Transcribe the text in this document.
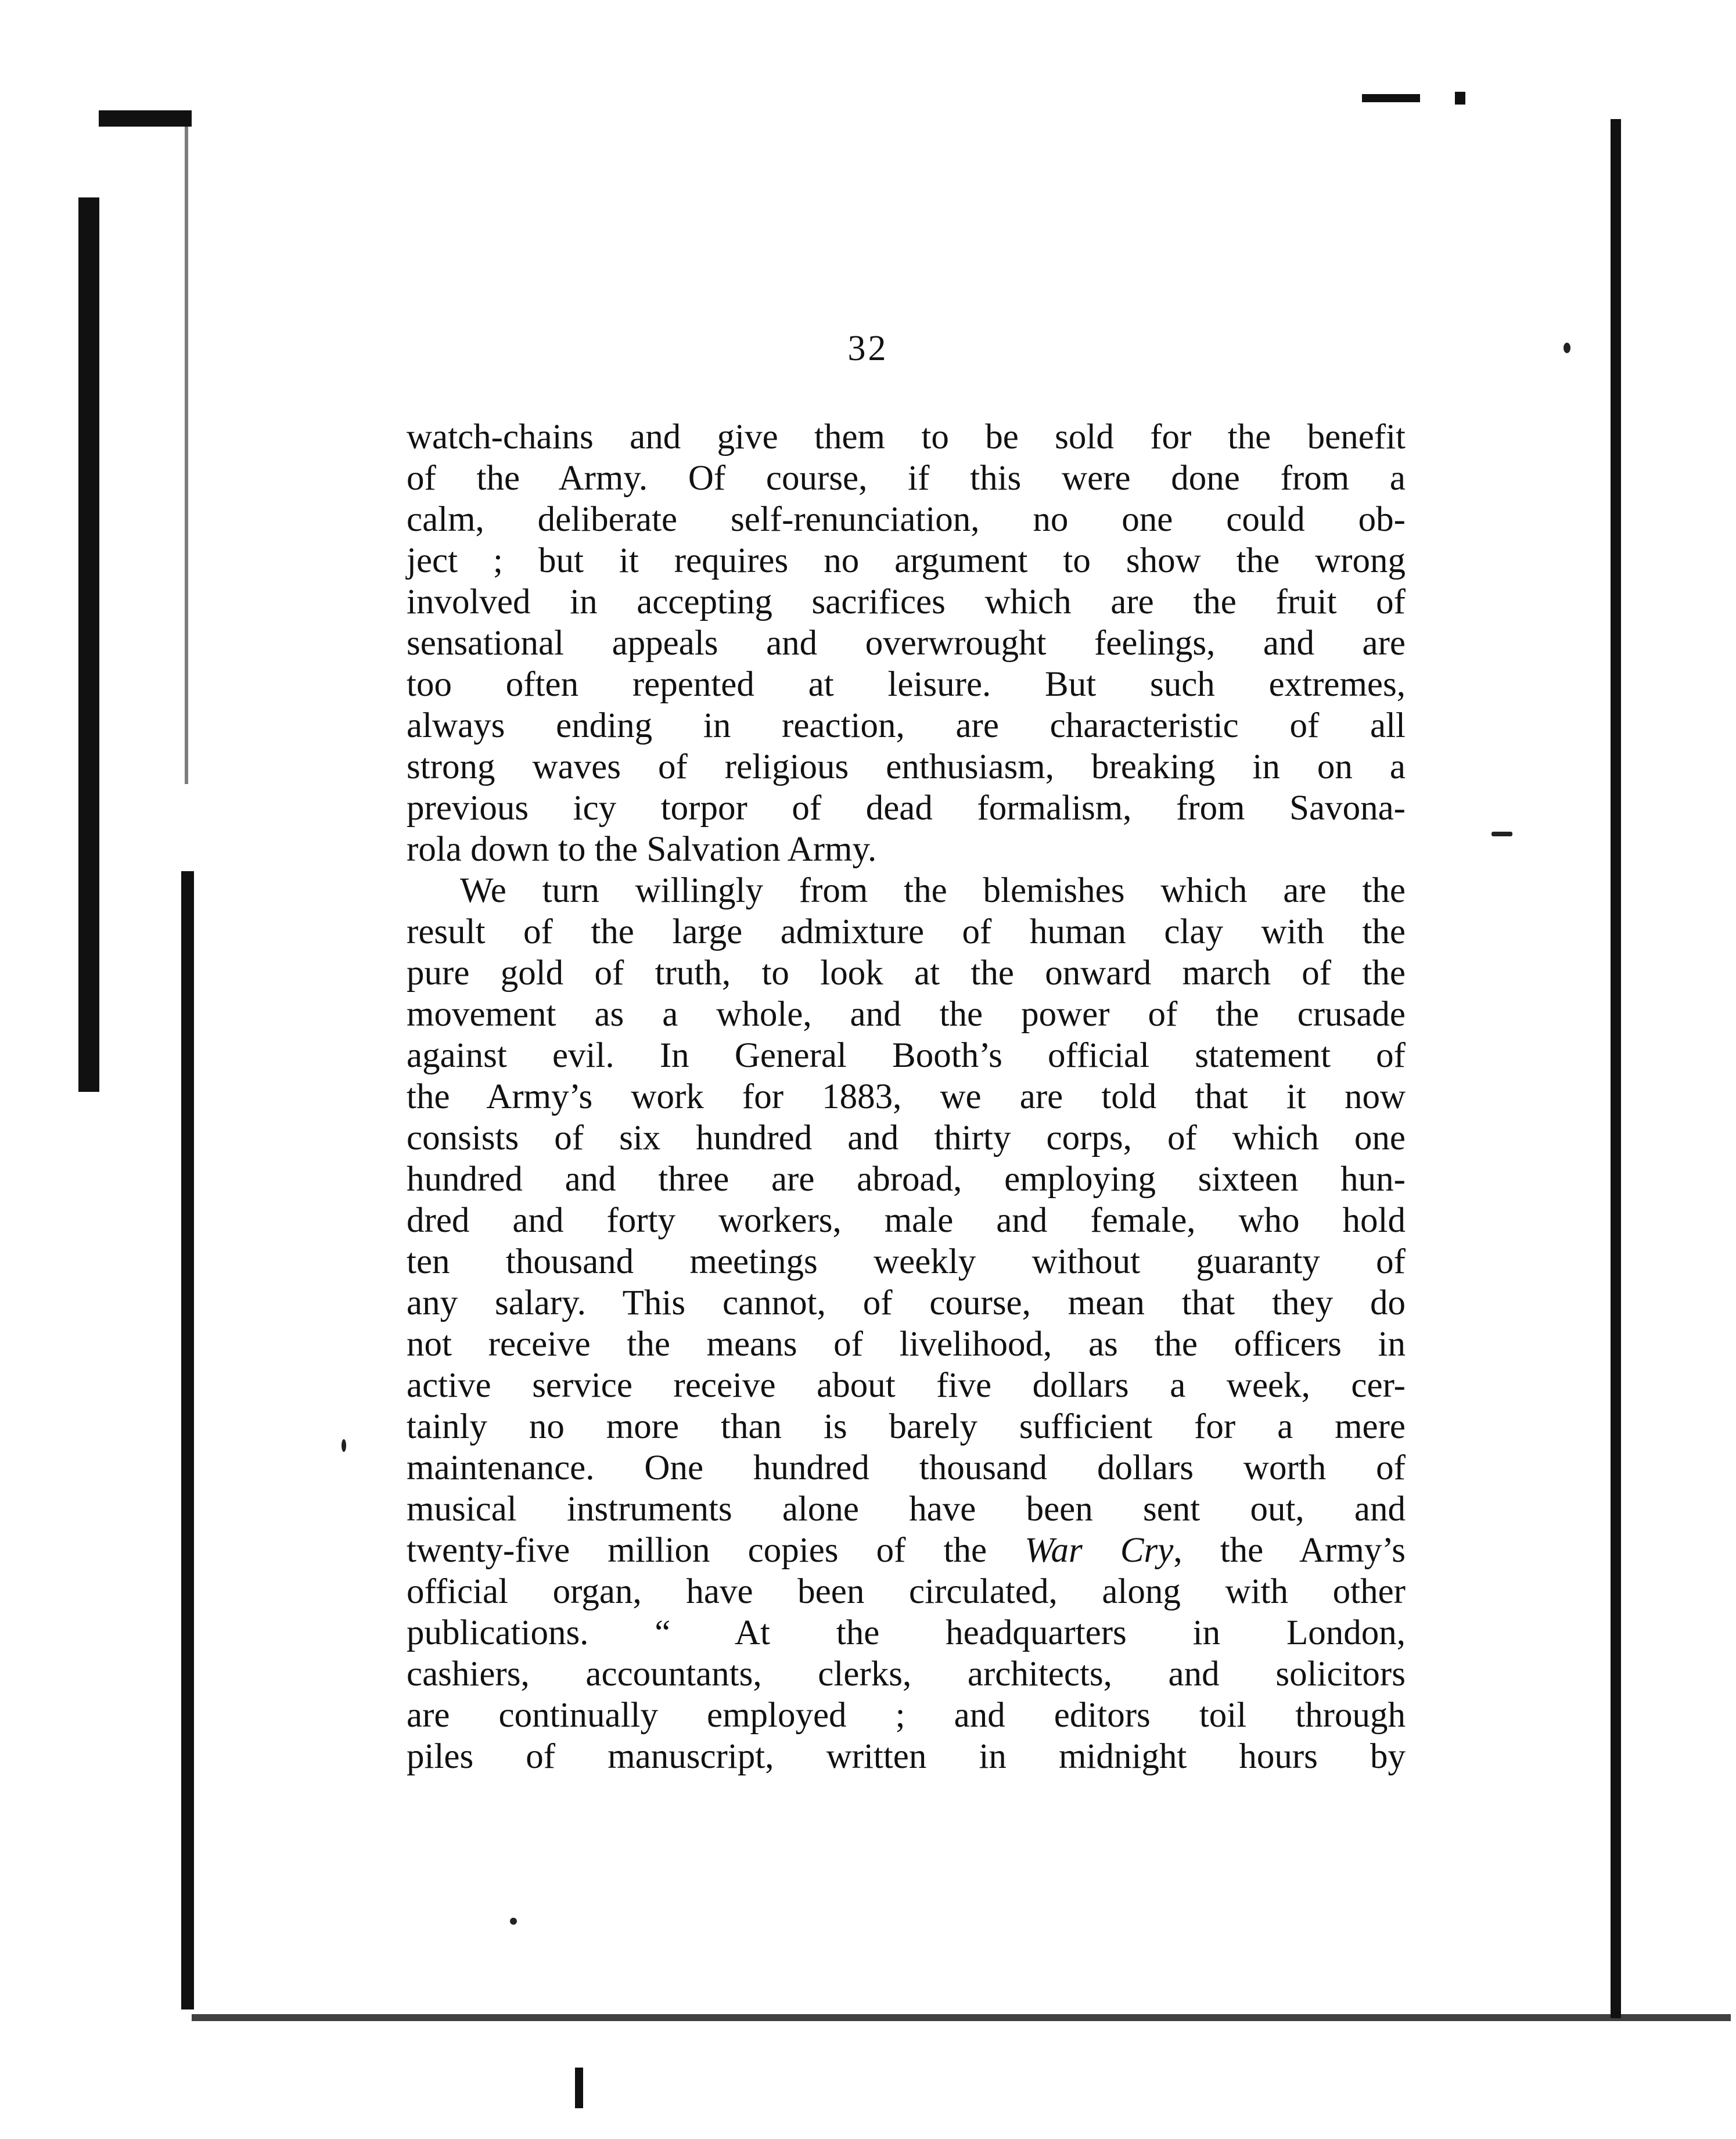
32
watch-chains and give them to be sold for the benefit
of the Army. Of course, if this were done from a
calm, deliberate self-renunciation, no one could ob-
ject ; but it requires no argument to show the wrong
involved in accepting sacrifices which are the fruit of
sensational appeals and overwrought feelings, and are
too often repented at leisure. But such extremes,
always ending in reaction, are characteristic of all
strong waves of religious enthusiasm, breaking in on a
previous icy torpor of dead formalism, from Savona-
rola down to the Salvation Army.
We turn willingly from the blemishes which are the
result of the large admixture of human clay with the
pure gold of truth, to look at the onward march of the
movement as a whole, and the power of the crusade
against evil. In General Booth’s official statement of
the Army’s work for 1883, we are told that it now
consists of six hundred and thirty corps, of which one
hundred and three are abroad, employing sixteen hun-
dred and forty workers, male and female, who hold
ten thousand meetings weekly without guaranty of
any salary. This cannot, of course, mean that they do
not receive the means of livelihood, as the officers in
active service receive about five dollars a week, cer-
tainly no more than is barely sufficient for a mere
maintenance. One hundred thousand dollars worth of
musical instruments alone have been sent out, and
twenty-five million copies of the War Cry, the Army’s
official organ, have been circulated, along with other
publications. “ At the headquarters in London,
cashiers, accountants, clerks, architects, and solicitors
are continually employed ; and editors toil through
piles of manuscript, written in midnight hours by
